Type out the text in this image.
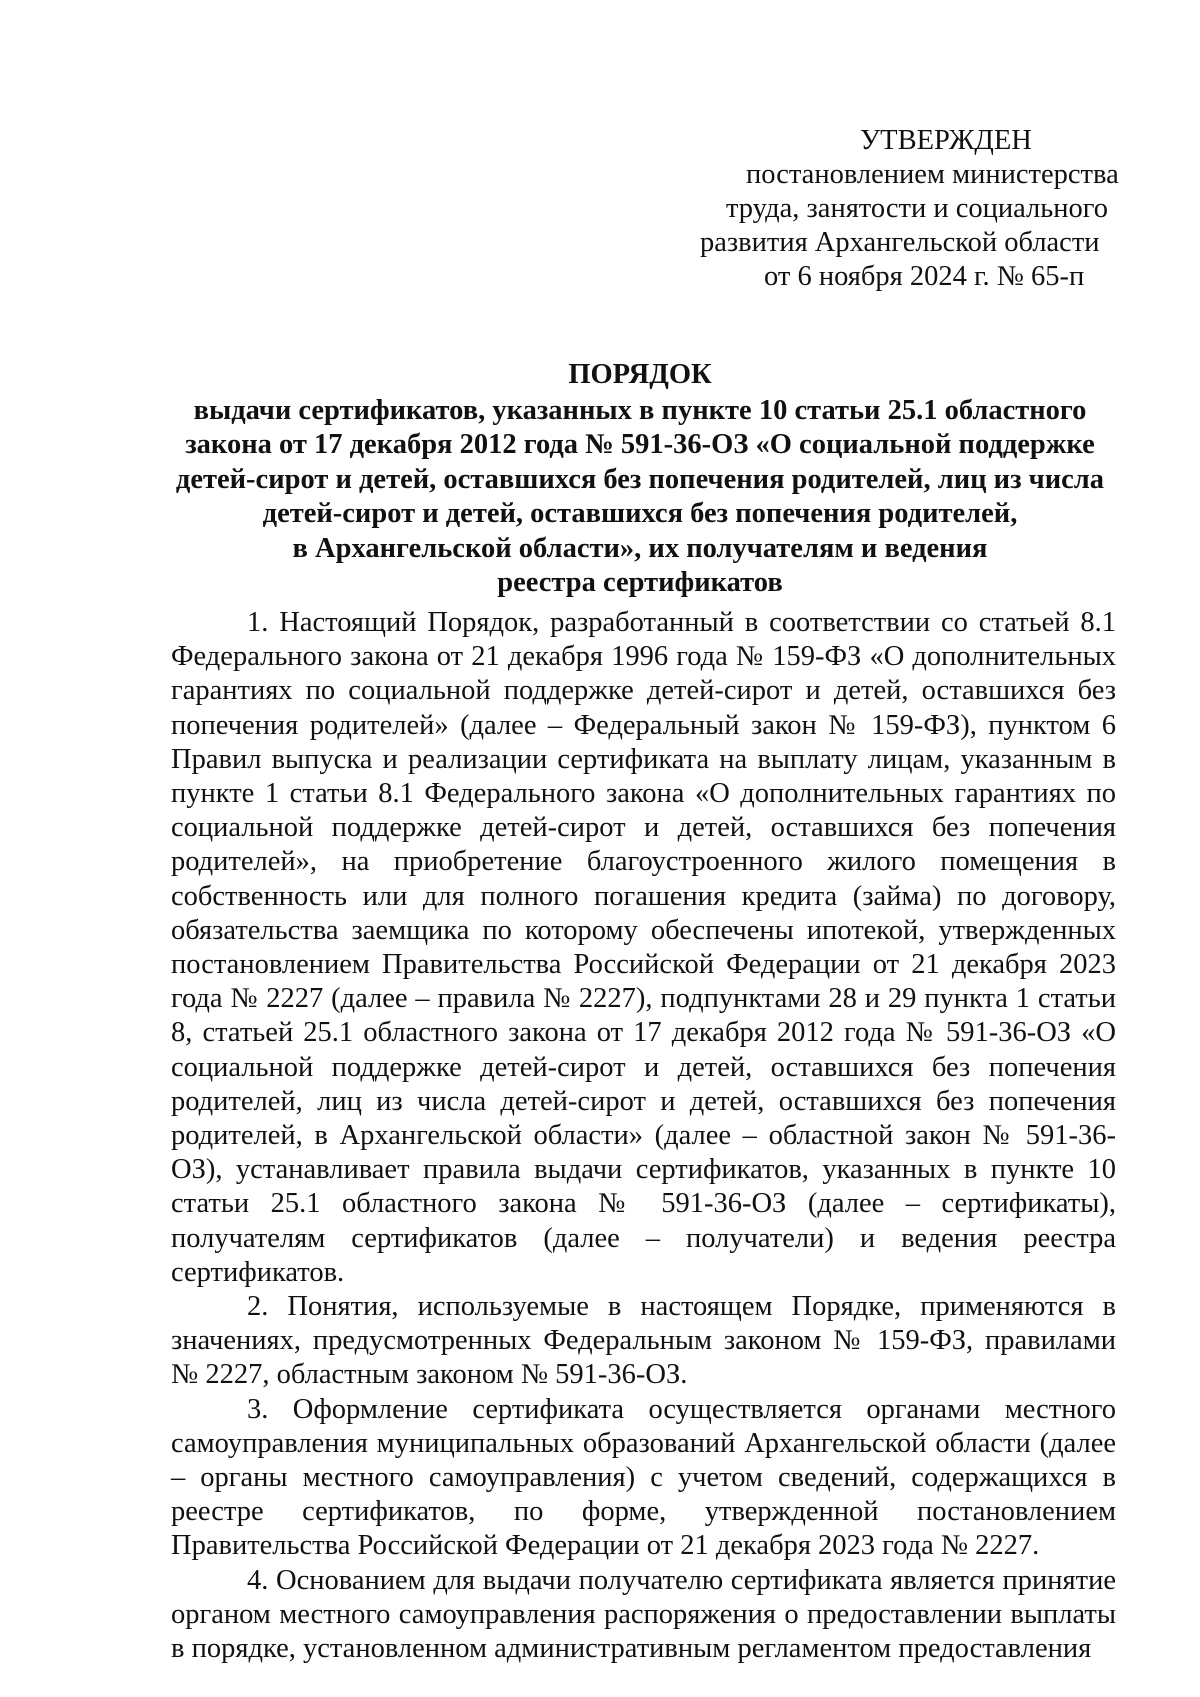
УТВЕРЖДЕН
постановлением министерства
труда, занятости и социального
развития Архангельской области
от 6 ноября 2024 г. № 65-п
ПОРЯДОК
выдачи сертификатов, указанных в пункте 10 статьи 25.1 областного
закона от 17 декабря 2012 года № 591-36-ОЗ «О социальной поддержке
детей-сирот и детей, оставшихся без попечения родителей, лиц из числа
детей-сирот и детей, оставшихся без попечения родителей,
в Архангельской области», их получателям и ведения
реестра сертификатов

1. Настоящий Порядок, разработанный в соответствии со статьей 8.1 Федерального закона от 21 декабря 1996 года № 159-ФЗ «О дополнительных гарантиях по социальной поддержке детей-сирот и детей, оставшихся без попечения родителей» (далее – Федеральный закон № 159-ФЗ), пунктом 6 Правил выпуска и реализации сертификата на выплату лицам, указанным в пункте 1 статьи 8.1 Федерального закона «О дополнительных гарантиях по социальной поддержке детей-сирот и детей, оставшихся без попечения родителей», на приобретение благоустроенного жилого помещения в собственность или для полного погашения кредита (займа) по договору, обязательства заемщика по которому обеспечены ипотекой, утвержденных постановлением Правительства Российской Федерации от 21 декабря 2023 года № 2227 (далее – правила № 2227), подпунктами 28 и 29 пункта 1 статьи 8, статьей 25.1 областного закона от 17 декабря 2012 года № 591-36-ОЗ «О социальной поддержке детей-сирот и детей, оставшихся без попечения родителей, лиц из числа детей-сирот и детей, оставшихся без попечения родителей, в Архангельской области» (далее – областной закон № 591-36-ОЗ), устанавливает правила выдачи сертификатов, указанных в пункте 10 статьи 25.1 областного закона № 591-36-ОЗ (далее – сертификаты), получателям сертификатов (далее – получатели) и ведения реестра сертификатов.

2. Понятия, используемые в настоящем Порядке, применяются в значениях, предусмотренных Федеральным законом № 159-ФЗ, правилами № 2227, областным законом № 591-36-ОЗ.

3. Оформление сертификата осуществляется органами местного самоуправления муниципальных образований Архангельской области (далее – органы местного самоуправления) с учетом сведений, содержащихся в реестре сертификатов, по форме, утвержденной постановлением Правительства Российской Федерации от 21 декабря 2023 года № 2227.

4. Основанием для выдачи получателю сертификата является принятие органом местного самоуправления распоряжения о предоставлении выплаты в порядке, установленном административным регламентом предоставления
